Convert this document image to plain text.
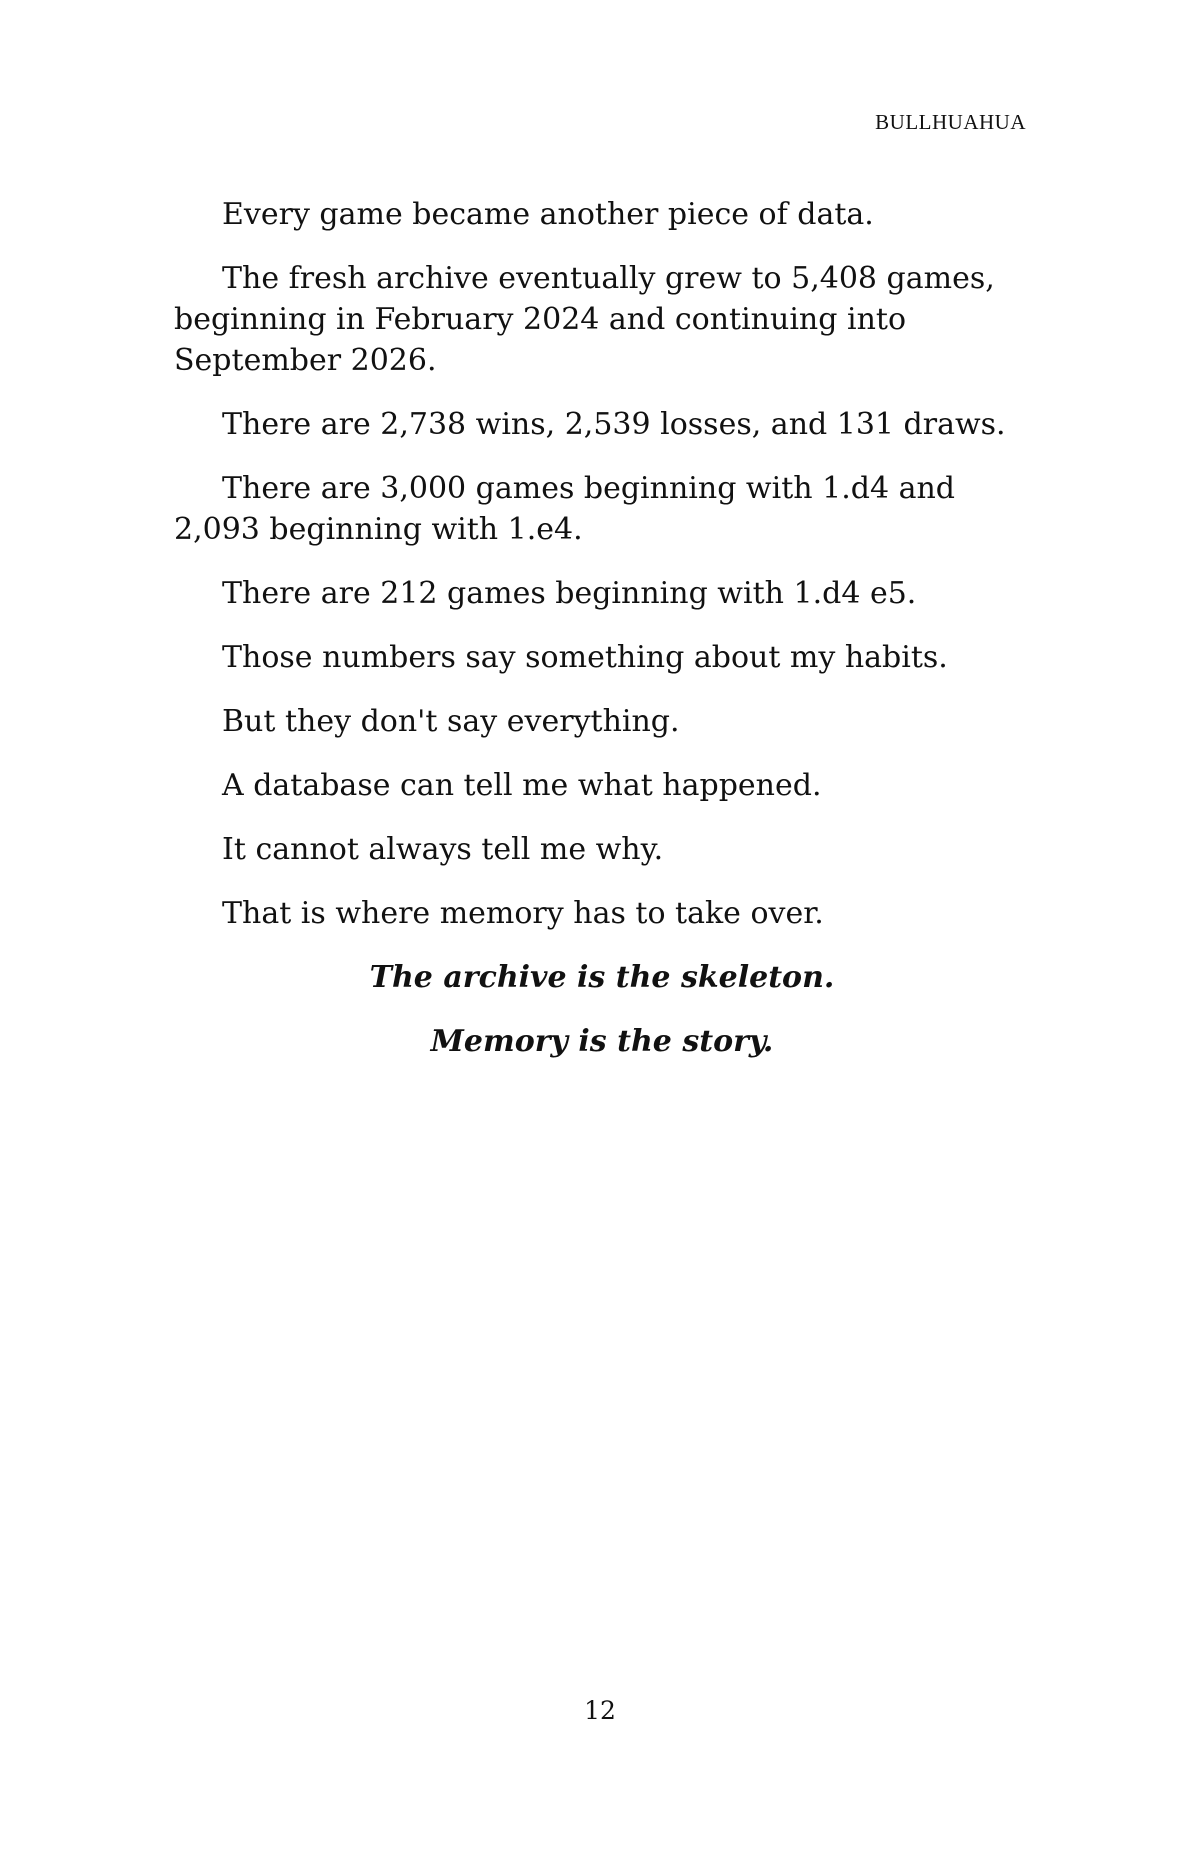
BULLHUAHUA

Every game became another piece of data.

The fresh archive eventually grew to 5,408 games, beginning in February 2024 and continuing into September 2026.

There are 2,738 wins, 2,539 losses, and 131 draws.

There are 3,000 games beginning with 1.d4 and 2,093 beginning with 1.e4.

There are 212 games beginning with 1.d4 e5.

Those numbers say something about my habits.

But they don't say everything.

A database can tell me what happened.

It cannot always tell me why.

That is where memory has to take over.

The archive is the skeleton.

Memory is the story.

12
